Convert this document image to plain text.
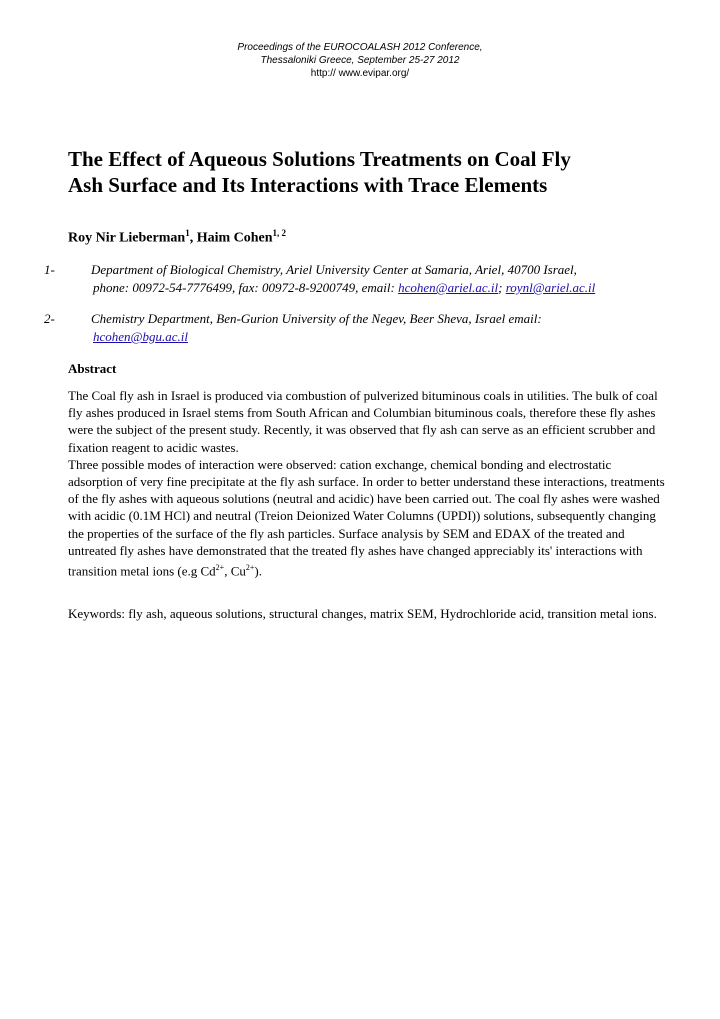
Proceedings of the EUROCOALASH 2012 Conference,
Thessaloniki Greece, September 25-27 2012
http:// www.evipar.org/
The Effect of Aqueous Solutions Treatments on Coal Fly
Ash Surface and Its Interactions with Trace Elements
Roy Nir Lieberman$^1$, Haim Cohen$^{1, 2}$
1-	Department of Biological Chemistry, Ariel University Center at Samaria, Ariel, 40700 Israel,
phone: 00972-54-7776499, fax: 00972-8-9200749, email: hcohen@ariel.ac.il; roynl@ariel.ac.il
2-	Chemistry Department, Ben-Gurion University of the Negev, Beer Sheva, Israel email:
hcohen@bgu.ac.il
Abstract

The Coal fly ash in Israel is produced via combustion of pulverized bituminous coals in utilities. The bulk of coal fly ashes produced in Israel stems from South African and Columbian bituminous coals, therefore these fly ashes were the subject of the present study. Recently, it was observed that fly ash can serve as an efficient scrubber and fixation reagent to acidic wastes.

Three possible modes of interaction were observed: cation exchange, chemical bonding and electrostatic adsorption of very fine precipitate at the fly ash surface. In order to better understand these interactions, treatments of the fly ashes with aqueous solutions (neutral and acidic) have been carried out. The coal fly ashes were washed with acidic (0.1M HCl) and neutral (Treion Deionized Water Columns (UPDI)) solutions, subsequently changing the properties of the surface of the fly ash particles. Surface analysis by SEM and EDAX of the treated and untreated fly ashes have demonstrated that the treated fly ashes have changed appreciably its' interactions with transition metal ions (e.g $Cd^{2+}$, $Cu^{2+}$).

Keywords: fly ash, aqueous solutions, structural changes, matrix SEM, Hydrochloride acid, transition metal ions.
